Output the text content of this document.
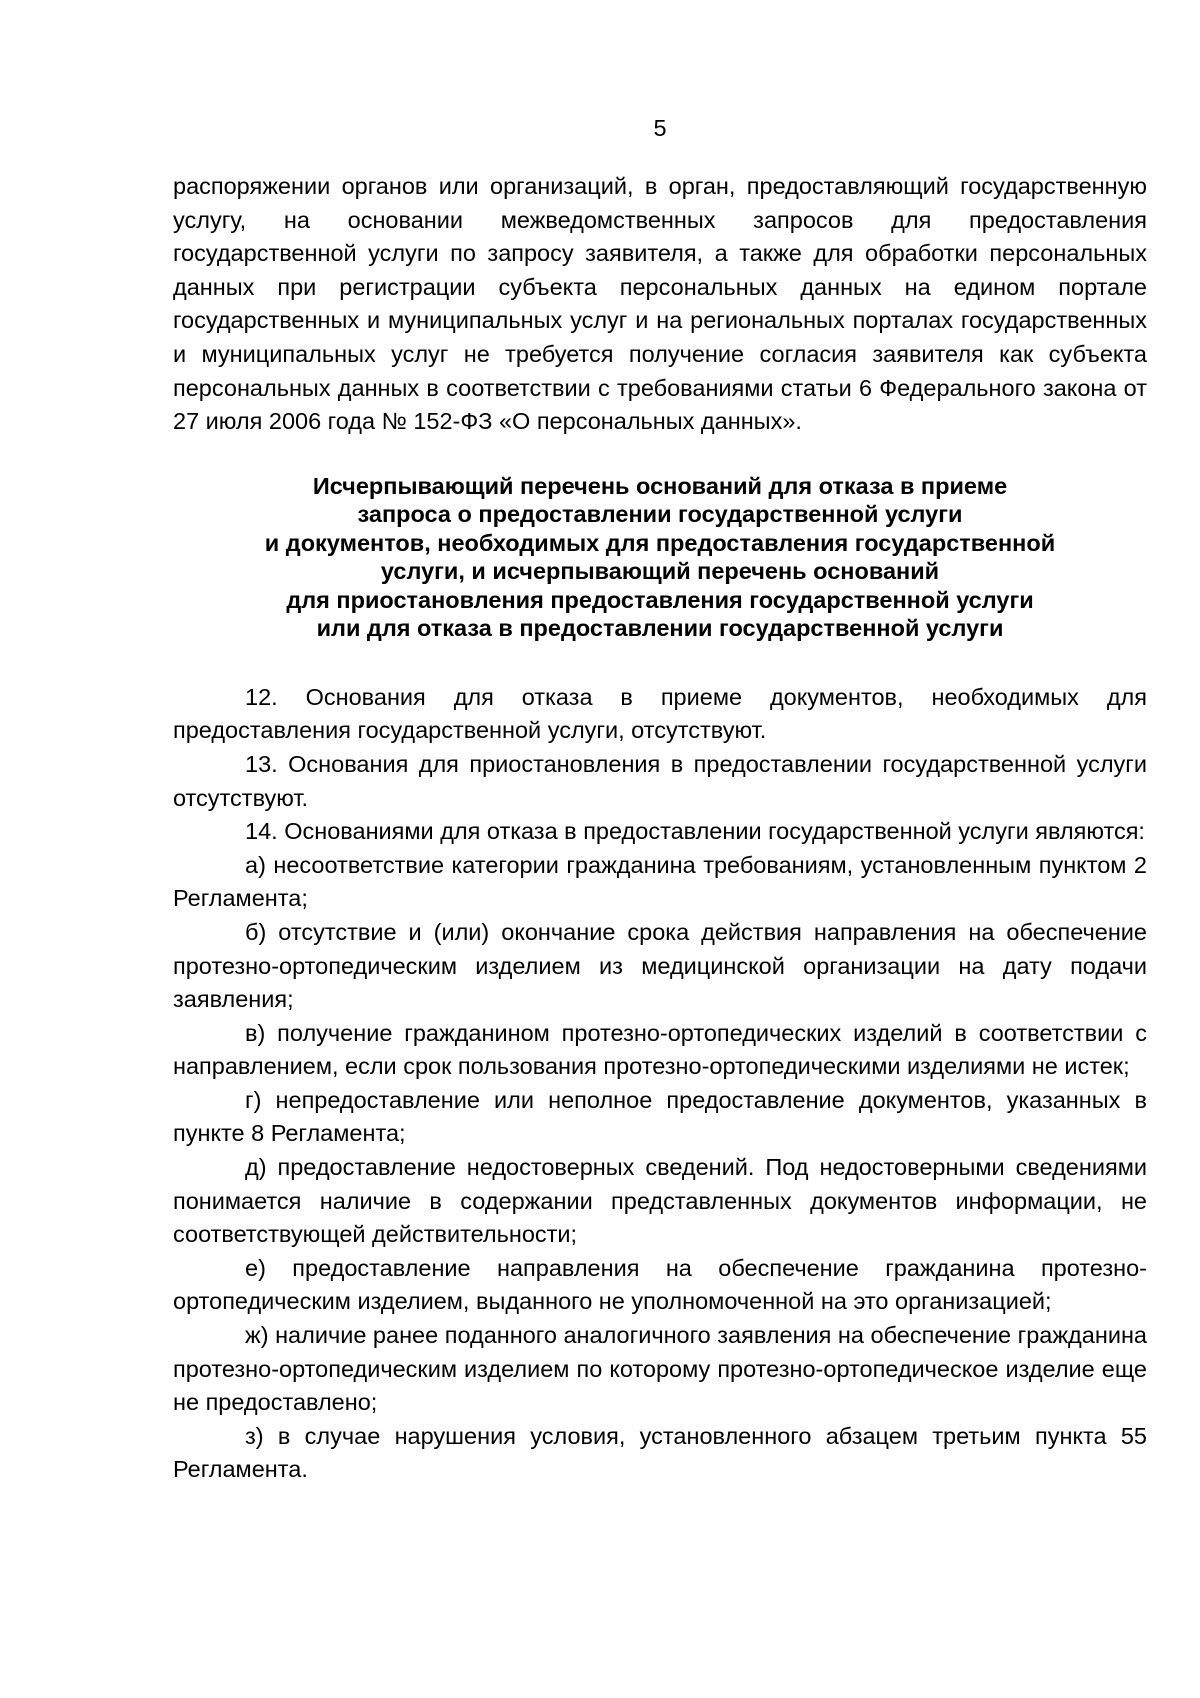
5

распоряжении органов или организаций, в орган, предоставляющий государственную услугу, на основании межведомственных запросов для предоставления государственной услуги по запросу заявителя, а также для обработки персональных данных при регистрации субъекта персональных данных на едином портале государственных и муниципальных услуг и на региональных порталах государственных и муниципальных услуг не требуется получение согласия заявителя как субъекта персональных данных в соответствии с требованиями статьи 6 Федерального закона от 27 июля 2006 года № 152-ФЗ «О персональных данных».

Исчерпывающий перечень оснований для отказа в приеме
запроса о предоставлении государственной услуги
и документов, необходимых для предоставления государственной
услуги, и исчерпывающий перечень оснований
для приостановления предоставления государственной услуги
или для отказа в предоставлении государственной услуги

12. Основания для отказа в приеме документов, необходимых для предоставления государственной услуги, отсутствуют.

13. Основания для приостановления в предоставлении государственной услуги отсутствуют.

14. Основаниями для отказа в предоставлении государственной услуги являются:

а) несоответствие категории гражданина требованиям, установленным пунктом 2 Регламента;

б) отсутствие и (или) окончание срока действия направления на обеспечение протезно-ортопедическим изделием из медицинской организации на дату подачи заявления;

в) получение гражданином протезно-ортопедических изделий в соответствии с направлением, если срок пользования протезно-ортопедическими изделиями не истек;

г) непредоставление или неполное предоставление документов, указанных в пункте 8 Регламента;

д) предоставление недостоверных сведений. Под недостоверными сведениями понимается наличие в содержании представленных документов информации, не соответствующей действительности;

е) предоставление направления на обеспечение гражданина протезно-ортопедическим изделием, выданного не уполномоченной на это организацией;

ж) наличие ранее поданного аналогичного заявления на обеспечение гражданина протезно-ортопедическим изделием по которому протезно-ортопедическое изделие еще не предоставлено;

з) в случае нарушения условия, установленного абзацем третьим пункта 55 Регламента.
